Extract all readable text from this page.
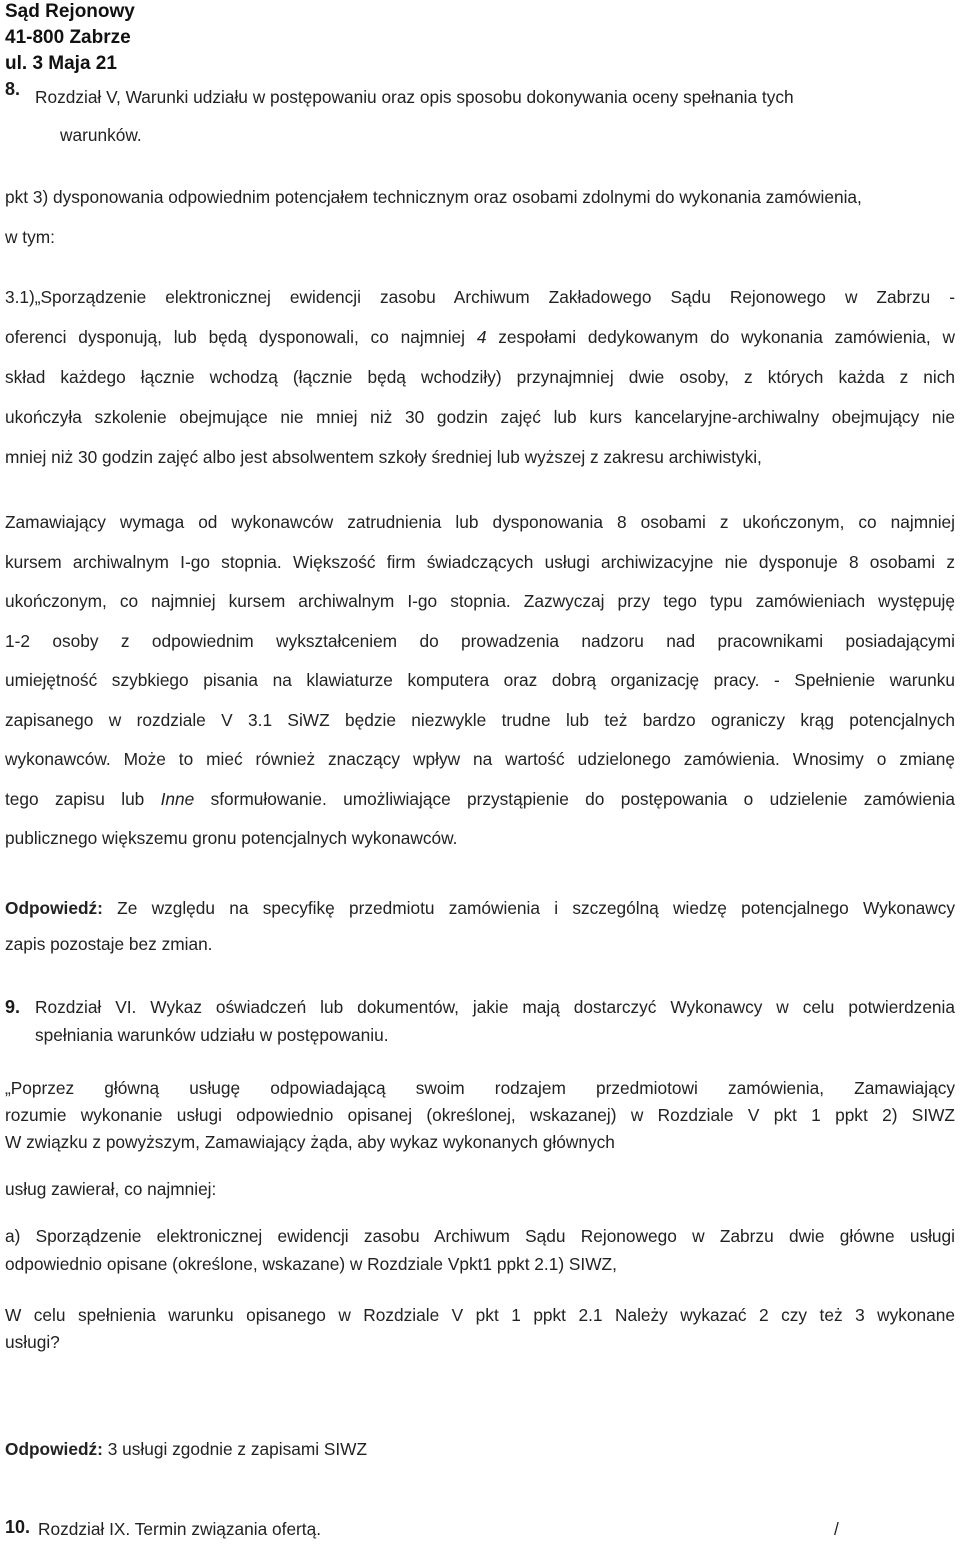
Sąd Rejonowy
41-800 Zabrze
ul. 3 Maja 21
8. Rozdział V, Warunki udziału w postępowaniu oraz opis sposobu dokonywania oceny spełnania tych
warunków.
pkt 3) dysponowania odpowiednim potencjałem technicznym oraz osobami zdolnymi do wykonania zamówienia,
w tym:
3.1)„Sporządzenie elektronicznej ewidencji zasobu Archiwum Zakładowego Sądu Rejonowego w Zabrzu -
oferenci dysponują, lub będą dysponowali, co najmniej 4 zespołami dedykowanym do wykonania zamówienia, w
skład każdego łącznie wchodzą (łącznie będą wchodziły) przynajmniej dwie osoby, z których każda z nich
ukończyła szkolenie obejmujące nie mniej niż 30 godzin zajęć lub kurs kancelaryjne-archiwalny obejmujący nie
mniej niż 30 godzin zajęć albo jest absolwentem szkoły średniej lub wyższej z zakresu archiwistyki,
Zamawiający wymaga od wykonawców zatrudnienia lub dysponowania 8 osobami z ukończonym, co najmniej
kursem archiwalnym I-go stopnia. Większość firm świadczących usługi archiwizacyjne nie dysponuje 8 osobami z
ukończonym, co najmniej kursem archiwalnym I-go stopnia. Zazwyczaj przy tego typu zamówieniach występuję
1-2 osoby z odpowiednim wykształceniem do prowadzenia nadzoru nad pracownikami posiadającymi
umiejętność szybkiego pisania na klawiaturze komputera oraz dobrą organizację pracy. - Spełnienie warunku
zapisanego w rozdziale V 3.1 SiWZ będzie niezwykle trudne lub też bardzo ograniczy krąg potencjalnych
wykonawców. Może to mieć również znaczący wpływ na wartość udzielonego zamówienia. Wnosimy o zmianę
tego zapisu lub Inne sformułowanie. umożliwiające przystąpienie do postępowania o udzielenie zamówienia
publicznego większemu gronu potencjalnych wykonawców.
Odpowiedź: Ze względu na specyfikę przedmiotu zamówienia i szczególną wiedzę potencjalnego Wykonawcy
zapis pozostaje bez zmian.
9. Rozdział VI. Wykaz oświadczeń lub dokumentów, jakie mają dostarczyć Wykonawcy w celu potwierdzenia
spełniania warunków udziału w postępowaniu.
„Poprzez główną usługę odpowiadającą swoim rodzajem przedmiotowi zamówienia, Zamawiający
rozumie wykonanie usługi odpowiednio opisanej (określonej, wskazanej) w Rozdziale V pkt 1 ppkt 2) SIWZ
W związku z powyższym, Zamawiający żąda, aby wykaz wykonanych głównych
usług zawierał, co najmniej:
a) Sporządzenie elektronicznej ewidencji zasobu Archiwum Sądu Rejonowego w Zabrzu dwie główne usługi
odpowiednio opisane (określone, wskazane) w Rozdziale Vpkt1 ppkt 2.1) SIWZ,
W celu spełnienia warunku opisanego w Rozdziale V pkt 1 ppkt 2.1 Należy wykazać 2 czy też 3 wykonane
usługi?
Odpowiedź: 3 usługi zgodnie z zapisami SIWZ
10. Rozdział IX. Termin związania ofertą.	/
